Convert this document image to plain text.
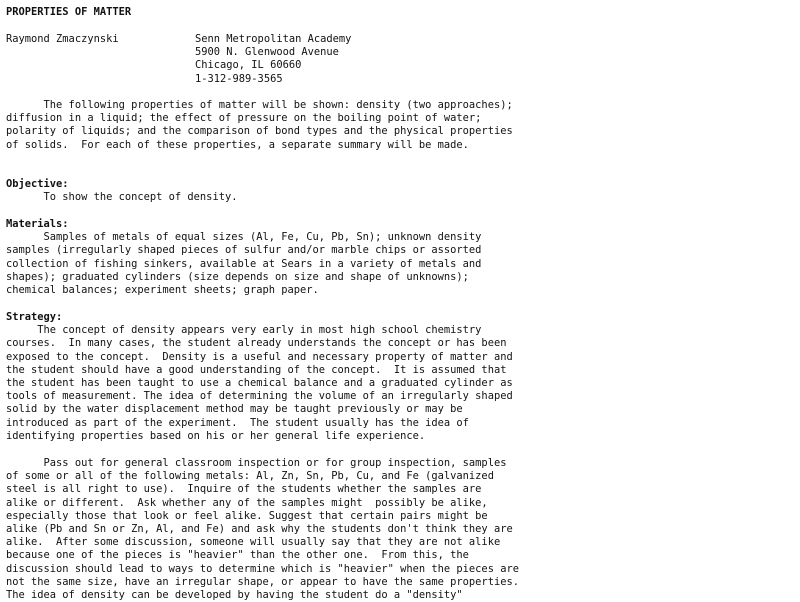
PROPERTIES OF MATTER
Raymond Zmaczynski	Senn Metropolitan Academy
5900 N. Glenwood Avenue
Chicago, IL 60660
1-312-989-3565
The following properties of matter will be shown: density (two approaches);
diffusion in a liquid; the effect of pressure on the boiling point of water;
polarity of liquids; and the comparison of bond types and the physical properties
of solids.  For each of these properties, a separate summary will be made.
Objective:
To show the concept of density.
Materials:
Samples of metals of equal sizes (Al, Fe, Cu, Pb, Sn); unknown density
samples (irregularly shaped pieces of sulfur and/or marble chips or assorted
collection of fishing sinkers, available at Sears in a variety of metals and
shapes); graduated cylinders (size depends on size and shape of unknowns);
chemical balances; experiment sheets; graph paper.
Strategy:
The concept of density appears very early in most high school chemistry
courses.  In many cases, the student already understands the concept or has been
exposed to the concept.  Density is a useful and necessary property of matter and
the student should have a good understanding of the concept.  It is assumed that
the student has been taught to use a chemical balance and a graduated cylinder as
tools of measurement. The idea of determining the volume of an irregularly shaped
solid by the water displacement method may be taught previously or may be
introduced as part of the experiment.  The student usually has the idea of
identifying properties based on his or her general life experience.
Pass out for general classroom inspection or for group inspection, samples
of some or all of the following metals: Al, Zn, Sn, Pb, Cu, and Fe (galvanized
steel is all right to use).  Inquire of the students whether the samples are
alike or different.  Ask whether any of the samples might  possibly be alike,
especially those that look or feel alike. Suggest that certain pairs might be
alike (Pb and Sn or Zn, Al, and Fe) and ask why the students don't think they are
alike.  After some discussion, someone will usually say that they are not alike
because one of the pieces is "heavier" than the other one.  From this, the
discussion should lead to ways to determine which is "heavier" when the pieces are
not the same size, have an irregular shape, or appear to have the same properties.
The idea of density can be developed by having the student do a "density"
